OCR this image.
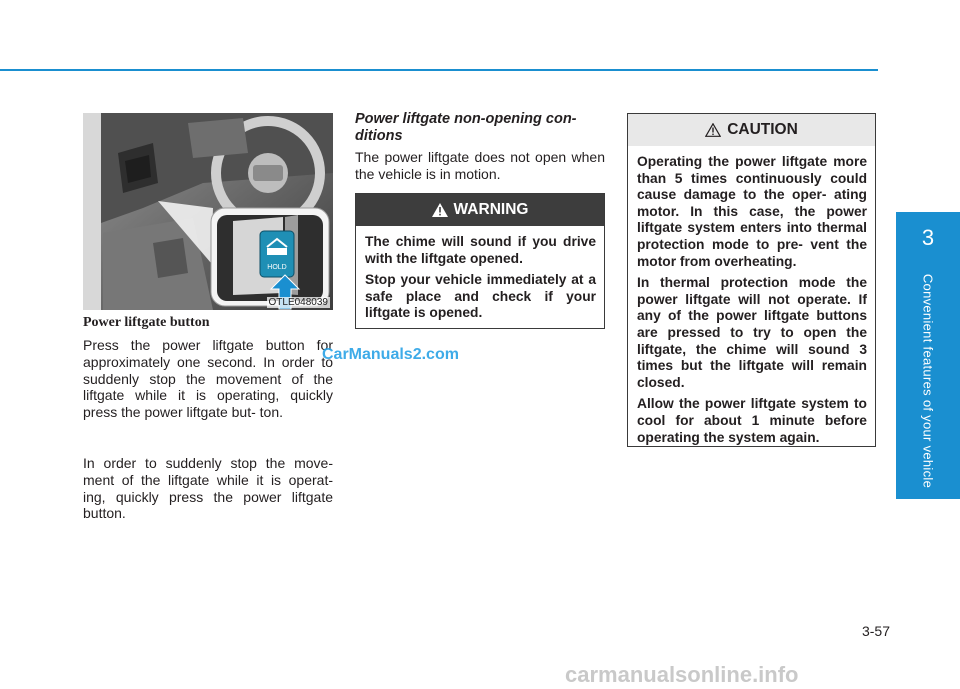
3
Convenient features of your vehicle
HOLD
OTLE048039
Power liftgate button
Press the power liftgate button for approximately one second. In order to suddenly stop the movement of the liftgate while it is operating, quickly press the power liftgate but- ton.
In order to suddenly stop the move- ment of the liftgate while it is operat- ing, quickly press the power liftgate button.
Power liftgate non-opening con- ditions
The power liftgate does not open when the vehicle is in motion.
WARNING

The chime will sound if you drive with the liftgate opened.

Stop your vehicle immediately at a safe place and check if your liftgate is opened.

CAUTION

Operating the power liftgate more than 5 times continuously could cause damage to the oper- ating motor. In this case, the power liftgate system enters into thermal protection mode to pre- vent the motor from overheating.

In thermal protection mode the power liftgate will not operate. If any of the power liftgate buttons are pressed to try to open the liftgate, the chime will sound 3 times but the liftgate will remain closed.

Allow the power liftgate system to cool for about 1 minute before operating the system again.

3-57
CarManuals2.com
carmanualsonline.info
